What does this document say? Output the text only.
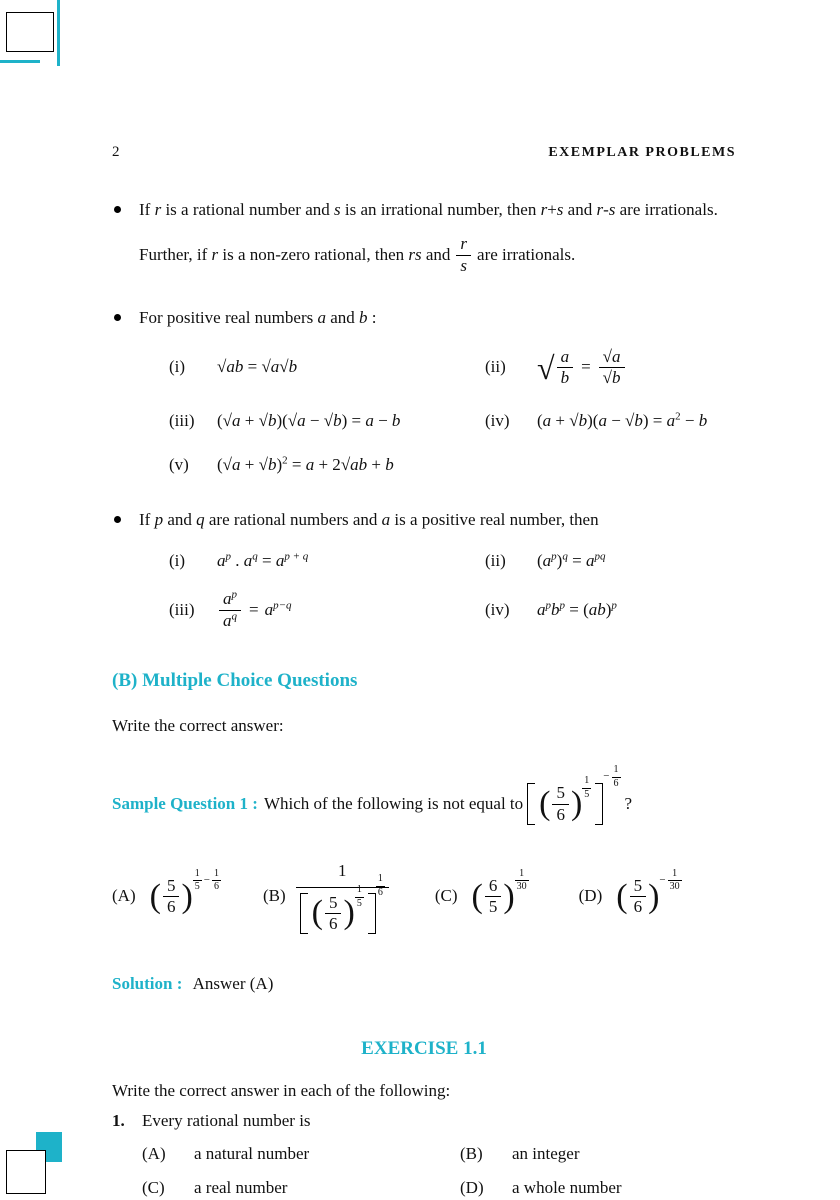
2	EXEMPLAR PROBLEMS
If r is a rational number and s is an irrational number, then r+s and r-s are irrationals.
Further, if r is a non-zero rational, then rs and $\frac{r}{s}$ are irrationals.
For positive real numbers a and b :
(i)	√ab = √a√b	(ii) √ $\frac{a}{b} = \frac{√a}{√b}$
(iii)	(√a + √b)(√a − √b) = a − b	(iv)	$(a + √b)(a - √b) = a^2 - b$
(v)	$(√a + √b)^2 = a + 2√ab + b$
If p and q are rational numbers and a is a positive real number, then
(i)	$a^p$ . $a^q = a^{p + q}$	(ii)	$(a^p)^q = a^{pq}$
(iii)	$\frac{a^p}{a^q} = a^{p-q}$	(iv)	$a^pb^p = (ab)^p$
(B) Multiple Choice Questions
Write the correct answer:
Sample Question 1 : Which of the following is not equal to ( $\frac{5}{6}$ )
1
5
− $\frac{1}{6}$
?
(A) ( $\frac{5}{6}$ )
1
5
− $\frac{1}{6}$
(B)
1
( $\frac{5}{6}$ )
1
5
1
6	(C) ( $\frac{6}{5}$ )
1
30	(D) ( $\frac{5}{6}$ ) − $\frac{1}{30}$
Solution : Answer (A)
EXERCISE 1.1
Write the correct answer in each of the following:
1.	Every rational number is
(A)	a natural number	(B)	an integer
(C)	a real number	(D)	a whole number
